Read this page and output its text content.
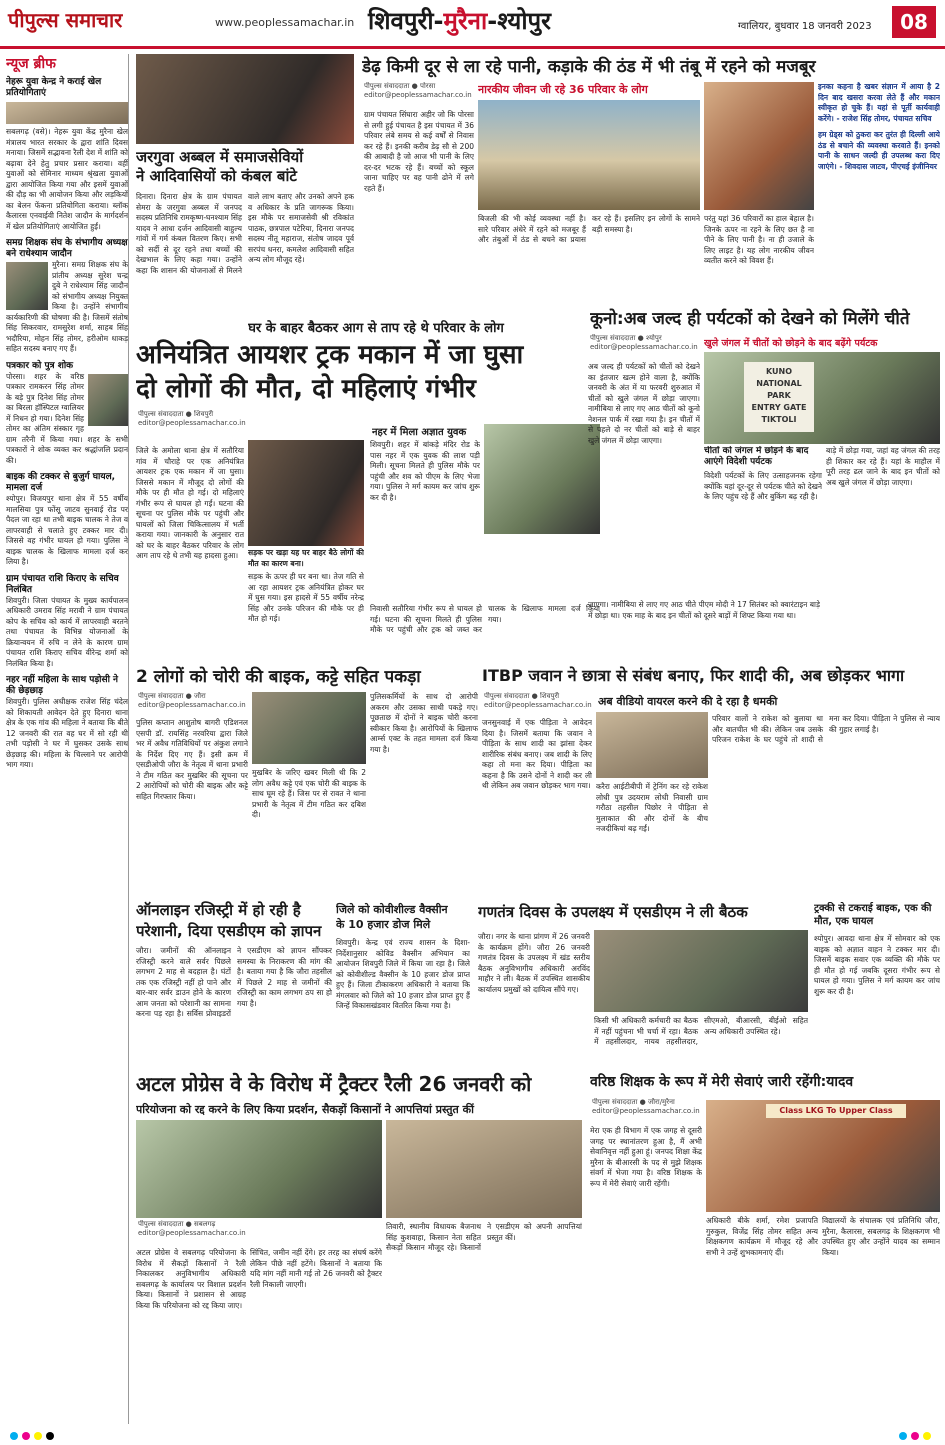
पीपुल्स समाचार	www.peoplessamachar.in शिवपुरी-मुरैना-श्योपुर	ग्वालियर, बुधवार 18 जनवरी 2023	08
न्यूज ब्रीफ
नेहरू युवा केन्द्र ने कराई खेल प्रतियोगिताएं
सबलगढ़ (वसे)। नेहरू युवा केंद्र मुरैना खेल मंत्रालय भारत सरकार के द्वारा शांति दिवस मनाया। जिसमें सद्भावना रैली देश में शांति को बढ़ावा देने हेतु प्रचार प्रसार कराया। वहीं युवाओं को सेमिनार माध्यम श्रृंखला युवाओं द्वारा आयोजित किया गया और इसमें युवाओं की दौड़ का भी आयोजन किया और लड़कियों का बेलन फेंकना प्रतियोगिता कराया। ब्लॉक कैलारस एनवाईवी नितेश जादौन के मार्गदर्शन में खेल प्रतियोगिताएं आयोजित हुईं।
समग्र शिक्षक संघ के संभागीय अध्यक्ष बने राधेश्याम जादौन
मुरैना। समग्र शिक्षक संघ के प्रांतीय अध्यक्ष सुरेश चन्द्र दुबे ने राधेश्याम सिंह जादौन को संभागीय अध्यक्ष नियुक्त किया है। उन्होंने संभागीय कार्यकारिणी की घोषणा की है। जिसमें संतोष सिंह सिकरवार, रामसुरेश शर्मा, साहब सिंह भदौरिया, मोहन सिंह तोमर, हरीओम धाकड़ सहित सदस्य बनाए गए हैं।
पत्रकार को पुत्र शोक
पोरसा। शहर के वरिष्ठ पत्रकार रामकरन सिंह तोमर के बड़े पुत्र दिनेश सिंह तोमर का बिरला हॉस्पिटल ग्वालियर में निधन हो गया। दिनेश सिंह तोमर का अंतिम संस्कार गृह ग्राम तरैनी में किया गया। शहर के सभी पत्रकारों ने शोक व्यक्त कर श्रद्धांजलि प्रदान की।
बाइक की टक्कर से बुजुर्ग घायल, मामला दर्ज
श्योपुर। विजयपुर थाना क्षेत्र में 55 वर्षीय मालसिया पुत्र फोंसू जाटव सुनवाई रोड पर पैदल जा रहा था तभी बाइक चालक ने तेज व लापरवाही से चलाते हुए टक्कर मार दी। जिससे वह गंभीर घायल हो गया। पुलिस ने बाइक चालक के खिलाफ मामला दर्ज कर लिया है।
ग्राम पंचायत राशि किराए के सचिव निलंबित
शिवपुरी। जिला पंचायत के मुख्य कार्यपालन अधिकारी उमराव सिंह मरावी ने ग्राम पंचायत कोप के सचिव को कार्य में लापरवाही बरतने तथा पंचायत के विभिन्न योजनाओं के क्रियान्वयन में रुचि न लेने के कारण ग्राम पंचायत राशि किराए सचिव वीरेन्द्र शर्मा को निलंबित किया है।
नहर नहीं महिला के साथ पड़ोसी ने की छेड़छाड़
शिवपुरी। पुलिस अधीक्षक राजेश सिंह चंदेल को शिकायती आवेदन देते हुए दिनारा थाना क्षेत्र के एक गांव की महिला ने बताया कि बीते 12 जनवरी की रात वह घर में सो रही थी तभी पड़ोसी ने घर में घुसकर उसके साथ छेड़छाड़ की। महिला के चिल्लाने पर आरोपी भाग गया।
जरगुवा अब्बल में समाजसेवियों
ने आदिवासियों को कंबल बांटे
दिनारा। दिनारा क्षेत्र के ग्राम पंचायत सेमरा के जरगुवा अब्बल में जनपद सदस्य प्रतिनिधि रामकृष्ण-घनश्याम सिंह यादव ने आधा दर्जन आदिवासी बाहुल्य गांवों में गर्म कंबल वितरण किए। सभी को सर्दी से दूर रहने तथा बच्चों की देखभाल के लिए कहा गया। उन्होंने कहा कि शासन की योजनाओं से मिलने वाले लाभ बताए और उनको अपने हक व अधिकार के प्रति जागरूक किया। इस मौके पर समाजसेवी श्री रविकांत पाठक, छत्रपाल पटेरिया, दिनारा जनपद सदस्य नीतू महाराज, संतोष जादव पूर्व सरपंच धनरा, कमलेश आदिवासी सहित अन्य लोग मौजूद रहे।
डेढ़ किमी दूर से ला रहे पानी, कड़ाके की ठंड में भी तंबू में रहने को मजबूर
पीपुल्स संवाददाता ● पोरसा
editor@peoplessamachar.co.in नारकीय जीवन जी रहे 36 परिवार के लोग
ग्राम पंचायत सिंघारा अहीर जो कि पोरसा से लगी हुई पंचायत है इस पंचायत में 36 परिवार लंबे समय से कई वर्षों से निवास कर रहे हैं। इनकी करीब डेढ़ सौ से 200 की आबादी है जो आज भी पानी के लिए दर-दर भटक रहे हैं। बच्चों को स्कूल जाना चाहिए पर वह पानी ढोने में लगे रहते हैं।
बिजली की भी कोई व्यवस्था नहीं है। सारे परिवार अंधेरे में रहने को मजबूर हैं और तंबुओं में ठंड से बचने का प्रयास कर रहे हैं। इसलिए इन लोगों के सामने बड़ी समस्या है।
परंतु यहां 36 परिवारों का हाल बेहाल है। जिनके ऊपर ना रहने के लिए छत है ना पीने के लिए पानी है। ना ही उजाले के लिए लाइट है। यह लोग नारकीय जीवन व्यतीत करने को विवश हैं।
इनका कहना है खबर संज्ञान में आया है 2 दिन बाद खसरा करवा लेते हैं और मकान स्वीकृत हो चुके हैं। यहां से पूर्ती कार्यवाही करेंगे। - राजेश सिंह तोमर, पंचायत सचिव
हम ग्रेड्स को ठुकरा कर तुरंत ही दिल्ली आये ठंड से बचाने की व्यवस्था करवाते हैं। इनको पानी के साधन जल्दी ही उपलब्ध करा दिए जाएंगे। - शिवदास जाटव, पीएचई इंजीनियर
घर के बाहर बैठकर आग से ताप रहे थे परिवार के लोग
अनियंत्रित आयशर ट्रक मकान में जा घुसा
दो लोगों की मौत, दो महिलाएं गंभीर
पीपुल्स संवाददाता ● शिवपुरी
editor@peoplessamachar.co.in
जिले के अमोला थाना क्षेत्र में सतौरिया गांव में चौराहे पर एक अनियंत्रित आयशर ट्रक एक मकान में जा घुसा। जिससे मकान में मौजूद दो लोगों की मौके पर ही मौत हो गई। दो महिलाएं गंभीर रूप से घायल हो गईं। घटना की सूचना पर पुलिस मौके पर पहुंची और घायलों को जिला चिकित्सालय में भर्ती कराया गया। जानकारी के अनुसार रात को घर के बाहर बैठकर परिवार के लोग आग ताप रहे थे तभी यह हादसा हुआ।	सड़क पर खड़ा यह घर बाहर बैठे लोगों की मौत का कारण बना।
सड़क के ऊपर ही घर बना था। तेज गति से आ रहा आयशर ट्रक अनियंत्रित होकर घर में घुस गया। इस हादसे में 55 वर्षीय नरेन्द्र सिंह और उनके परिजन की मौके पर ही मौत हो गई।
नहर में मिला अज्ञात युवक
शिवपुरी। शहर में बांकड़े मंदिर रोड के पास नहर में एक युवक की लाश पड़ी मिली। सूचना मिलते ही पुलिस मौके पर पहुंची और शव को पीएम के लिए भेजा गया। पुलिस ने मर्ग कायम कर जांच शुरू कर दी है।
निवासी सतौरिया गंभीर रूप से घायल हो गई। घटना की सूचना मिलते ही पुलिस मौके पर पहुंची और ट्रक को जब्त कर चालक के खिलाफ मामला दर्ज किया गया।
कूनो:अब जल्द ही पर्यटकों को देखने को मिलेंगे चीते
पीपुल्स संवाददाता ● श्योपुर
editor@peoplessamachar.co.in खुले जंगल में चीतों को छोड़ने के बाद बढ़ेंगे पर्यटक
अब जल्द ही पर्यटकों को चीतों को देखने का इंतजार खत्म होने वाला है, क्योंकि जनवरी के अंत में या फरवरी शुरुआत में चीतों को खुले जंगल में छोड़ा जाएगा। नामीबिया से लाए गए आठ चीतों को कूनो नेशनल पार्क में रखा गया है। इन चीतों में से पहले दो नर चीतों को बाड़े से बाहर खुले जंगल में छोड़ा जाएगा।
KUNO NATIONAL PARK
ENTRY GATE
TIKTOLI
चीतों को जंगल में छोड़ने के बाद आएंगे विदेशी पर्यटक
विदेशी पर्यटकों के लिए उत्साहजनक रहेगा क्योंकि यहां दूर-दूर से पर्यटक चीते को देखने के लिए पहुंच रहे हैं और बुकिंग बढ़ रही है।
जाएगा। नामीबिया से लाए गए आठ चीते पीएम मोदी ने 17 सितंबर को क्वारंटाइन बाड़े में छोड़ा था। एक माह के बाद इन चीतों को दूसरे बाड़ों में शिफ्ट किया गया था।
बाड़े में छोड़ा गया, जहां वह जंगल की तरह ही शिकार कर रहे हैं। यहां के माहौल में पूरी तरह ढल जाने के बाद इन चीतों को अब खुले जंगल में छोड़ा जाएगा।
2 लोगों को चोरी की बाइक, कट्टे सहित पकड़ा
पीपुल्स संवाददाता ● जौरा
editor@peoplessamachar.co.in
पुलिस कप्तान आशुतोष बागरी एडिशनल एसपी डॉ. रायसिंह नरवरिया द्वारा जिले भर में अवैध गतिविधियों पर अंकुश लगाने के निर्देश दिए गए हैं। इसी क्रम में एसडीओपी जौरा के नेतृत्व में थाना प्रभारी ने टीम गठित कर मुखबिर की सूचना पर 2 आरोपियों को चोरी की बाइक और कट्टे सहित गिरफ्तार किया।
मुखबिर के जरिए खबर मिली थी कि 2 लोग अवैध कट्टे एवं एक चोरी की बाइक के साथ घूम रहे हैं। जिस पर से रावत ने थाना प्रभारी के नेतृत्व में टीम गठित कर दबिश दी।
पुलिसकर्मियों के साथ दो आरोपी अकरम और उसका साथी पकड़े गए। पूछताछ में दोनों ने बाइक चोरी करना स्वीकार किया है। आरोपियों के खिलाफ आर्म्स एक्ट के तहत मामला दर्ज किया गया है।
ITBP जवान ने छात्रा से संबंध बनाए, फिर शादी की, अब छोड़कर भागा
पीपुल्स संवाददाता ● शिवपुरी
editor@peoplessamachar.co.in अब वीडियो वायरल करने की दे रहा है धमकी
जनसुनवाई में एक पीड़िता ने आवेदन दिया है। जिसमें बताया कि जवान ने पीड़िता के साथ शादी का झांसा देकर शारीरिक संबंध बनाए। जब शादी के लिए कहा तो मना कर दिया। पीड़िता का कहना है कि उसने दोनों ने शादी कर ली थी लेकिन अब जवान छोड़कर भाग गया। करैरा आईटीबीपी में ट्रेनिंग कर रहे राकेश लोधी पुत्र उदयराम लोधी निवासी ग्राम गरौठा तहसील पिछोर ने पीड़िता से मुलाकात की और दोनों के बीच नजदीकियां बढ़ गईं।
परिवार वालों ने राकेश को बुलाया था और बातचीत भी की। लेकिन जब उसके परिजन राकेश के घर पहुंचे तो शादी से मना कर दिया। पीड़िता ने पुलिस से न्याय की गुहार लगाई है।
ऑनलाइन रजिस्ट्री में हो रही है
परेशानी, दिया एसडीएम को ज्ञापन
जौरा। जमीनों की ऑनलाइन रजिस्ट्री करने वाले सर्वर पिछले लगभग 2 माह से बदहाल है। घंटों तक एक रजिस्ट्री नहीं हो पाने और बार-बार सर्वर डाउन होने के कारण आम जनता को परेशानी का सामना करना पड़ रहा है। सर्विस प्रोवाइडरों ने एसडीएम को ज्ञापन सौंपकर समस्या के निराकरण की मांग की है। बताया गया है कि जौरा तहसील में पिछले 2 माह से जमीनों की रजिस्ट्री का काम लगभग ठप सा हो गया है।
जिले को कोवीशील्ड वैक्सीन
के 10 हजार डोज मिले
शिवपुरी। केन्द्र एवं राज्य शासन के दिशा-निर्देशानुसार कोविड वैक्सीन अभियान का आयोजन शिवपुरी जिले में किया जा रहा है। जिले को कोवीशील्ड वैक्सीन के 10 हजार डोज प्राप्त हुए हैं। जिला टीकाकरण अधिकारी ने बताया कि मंगलवार को जिले को 10 हजार डोज प्राप्त हुए हैं जिन्हें विकासखंडवार वितरित किया गया है।
गणतंत्र दिवस के उपलक्ष्य में एसडीएम ने ली बैठक
जौरा। नगर के थाना प्रांगण में 26 जनवरी के कार्यक्रम होंगे। जौरा 26 जनवरी गणतंत्र दिवस के उपलक्ष्य में खंड स्तरीय बैठक अनुविभागीय अधिकारी अरविंद माहौर ने ली। बैठक में उपस्थित शासकीय कार्यालय प्रमुखों को दायित्व सौंपे गए।
किसी भी अधिकारी कर्मचारी का बैठक में नहीं पहुंचना भी चर्चा में रहा। बैठक में तहसीलदार, नायब तहसीलदार, सीएमओ, बीआरसी, बीईओ सहित अन्य अधिकारी उपस्थित रहे।
ट्रक्की से टकराई बाइक, एक की मौत, एक घायल
श्योपुर। आवदा थाना क्षेत्र में सोमवार को एक बाइक को अज्ञात वाहन ने टक्कर मार दी। जिसमें बाइक सवार एक व्यक्ति की मौके पर ही मौत हो गई जबकि दूसरा गंभीर रूप से घायल हो गया। पुलिस ने मर्ग कायम कर जांच शुरू कर दी है।
अटल प्रोग्रेस वे के विरोध में ट्रैक्टर रैली 26 जनवरी को
परियोजना को रद्द करने के लिए किया प्रदर्शन, सैकड़ों किसानों ने आपत्तियां प्रस्तुत कीं
पीपुल्स संवाददाता ● सबलगढ़
editor@peoplessamachar.co.in
अटल प्रोग्रेस वे सबलगढ़ परियोजना के विरोध में सैकड़ों किसानों ने रैली निकालकर अनुविभागीय अधिकारी सबलगढ़ के कार्यालय पर विशाल प्रदर्शन किया। किसानों ने प्रशासन से आग्रह किया कि परियोजना को रद्द किया जाए।
सिंचित, जमीन नहीं देंगे। हर तरह का संघर्ष करेंगे लेकिन पीछे नहीं हटेंगे। किसानों ने बताया कि यदि मांग नहीं मानी गई तो 26 जनवरी को ट्रैक्टर रैली निकाली जाएगी।
तिवारी, स्थानीय विधायक बैजनाथ सिंह कुशवाहा, किसान नेता सहित सैकड़ों किसान मौजूद रहे। किसानों ने एसडीएम को अपनी आपत्तियां प्रस्तुत कीं।
वरिष्ठ शिक्षक के रूप में मेरी सेवाएं जारी रहेंगी:यादव
पीपुल्स संवाददाता ● जौरा/मुरैना
editor@peoplessamachar.co.in
मेरा एक ही विभाग में एक जगह से दूसरी जगह पर स्थानांतरण हुआ है, मैं अभी सेवानिवृत्त नहीं हुआ हूं। जनपद शिक्षा केंद्र मुरैना के बीआरसी के पद से मुझे शिक्षक संवर्ग में भेजा गया है। वरिष्ठ शिक्षक के रूप में मेरी सेवाएं जारी रहेंगी।
Class LKG To Upper Class
अधिकारी बीके शर्मा, रमेश प्रजापति गुरुकुल, विजेंद्र सिंह तोमर सहित अन्य शिक्षकगण कार्यक्रम में मौजूद रहे और सभी ने उन्हें शुभकामनाएं दीं।
विद्यालयों के संचालक एवं प्रतिनिधि जौरा, मुरैना, कैलारस, सबलगढ़ के शिक्षकगण भी उपस्थित हुए और उन्होंने यादव का सम्मान किया।
